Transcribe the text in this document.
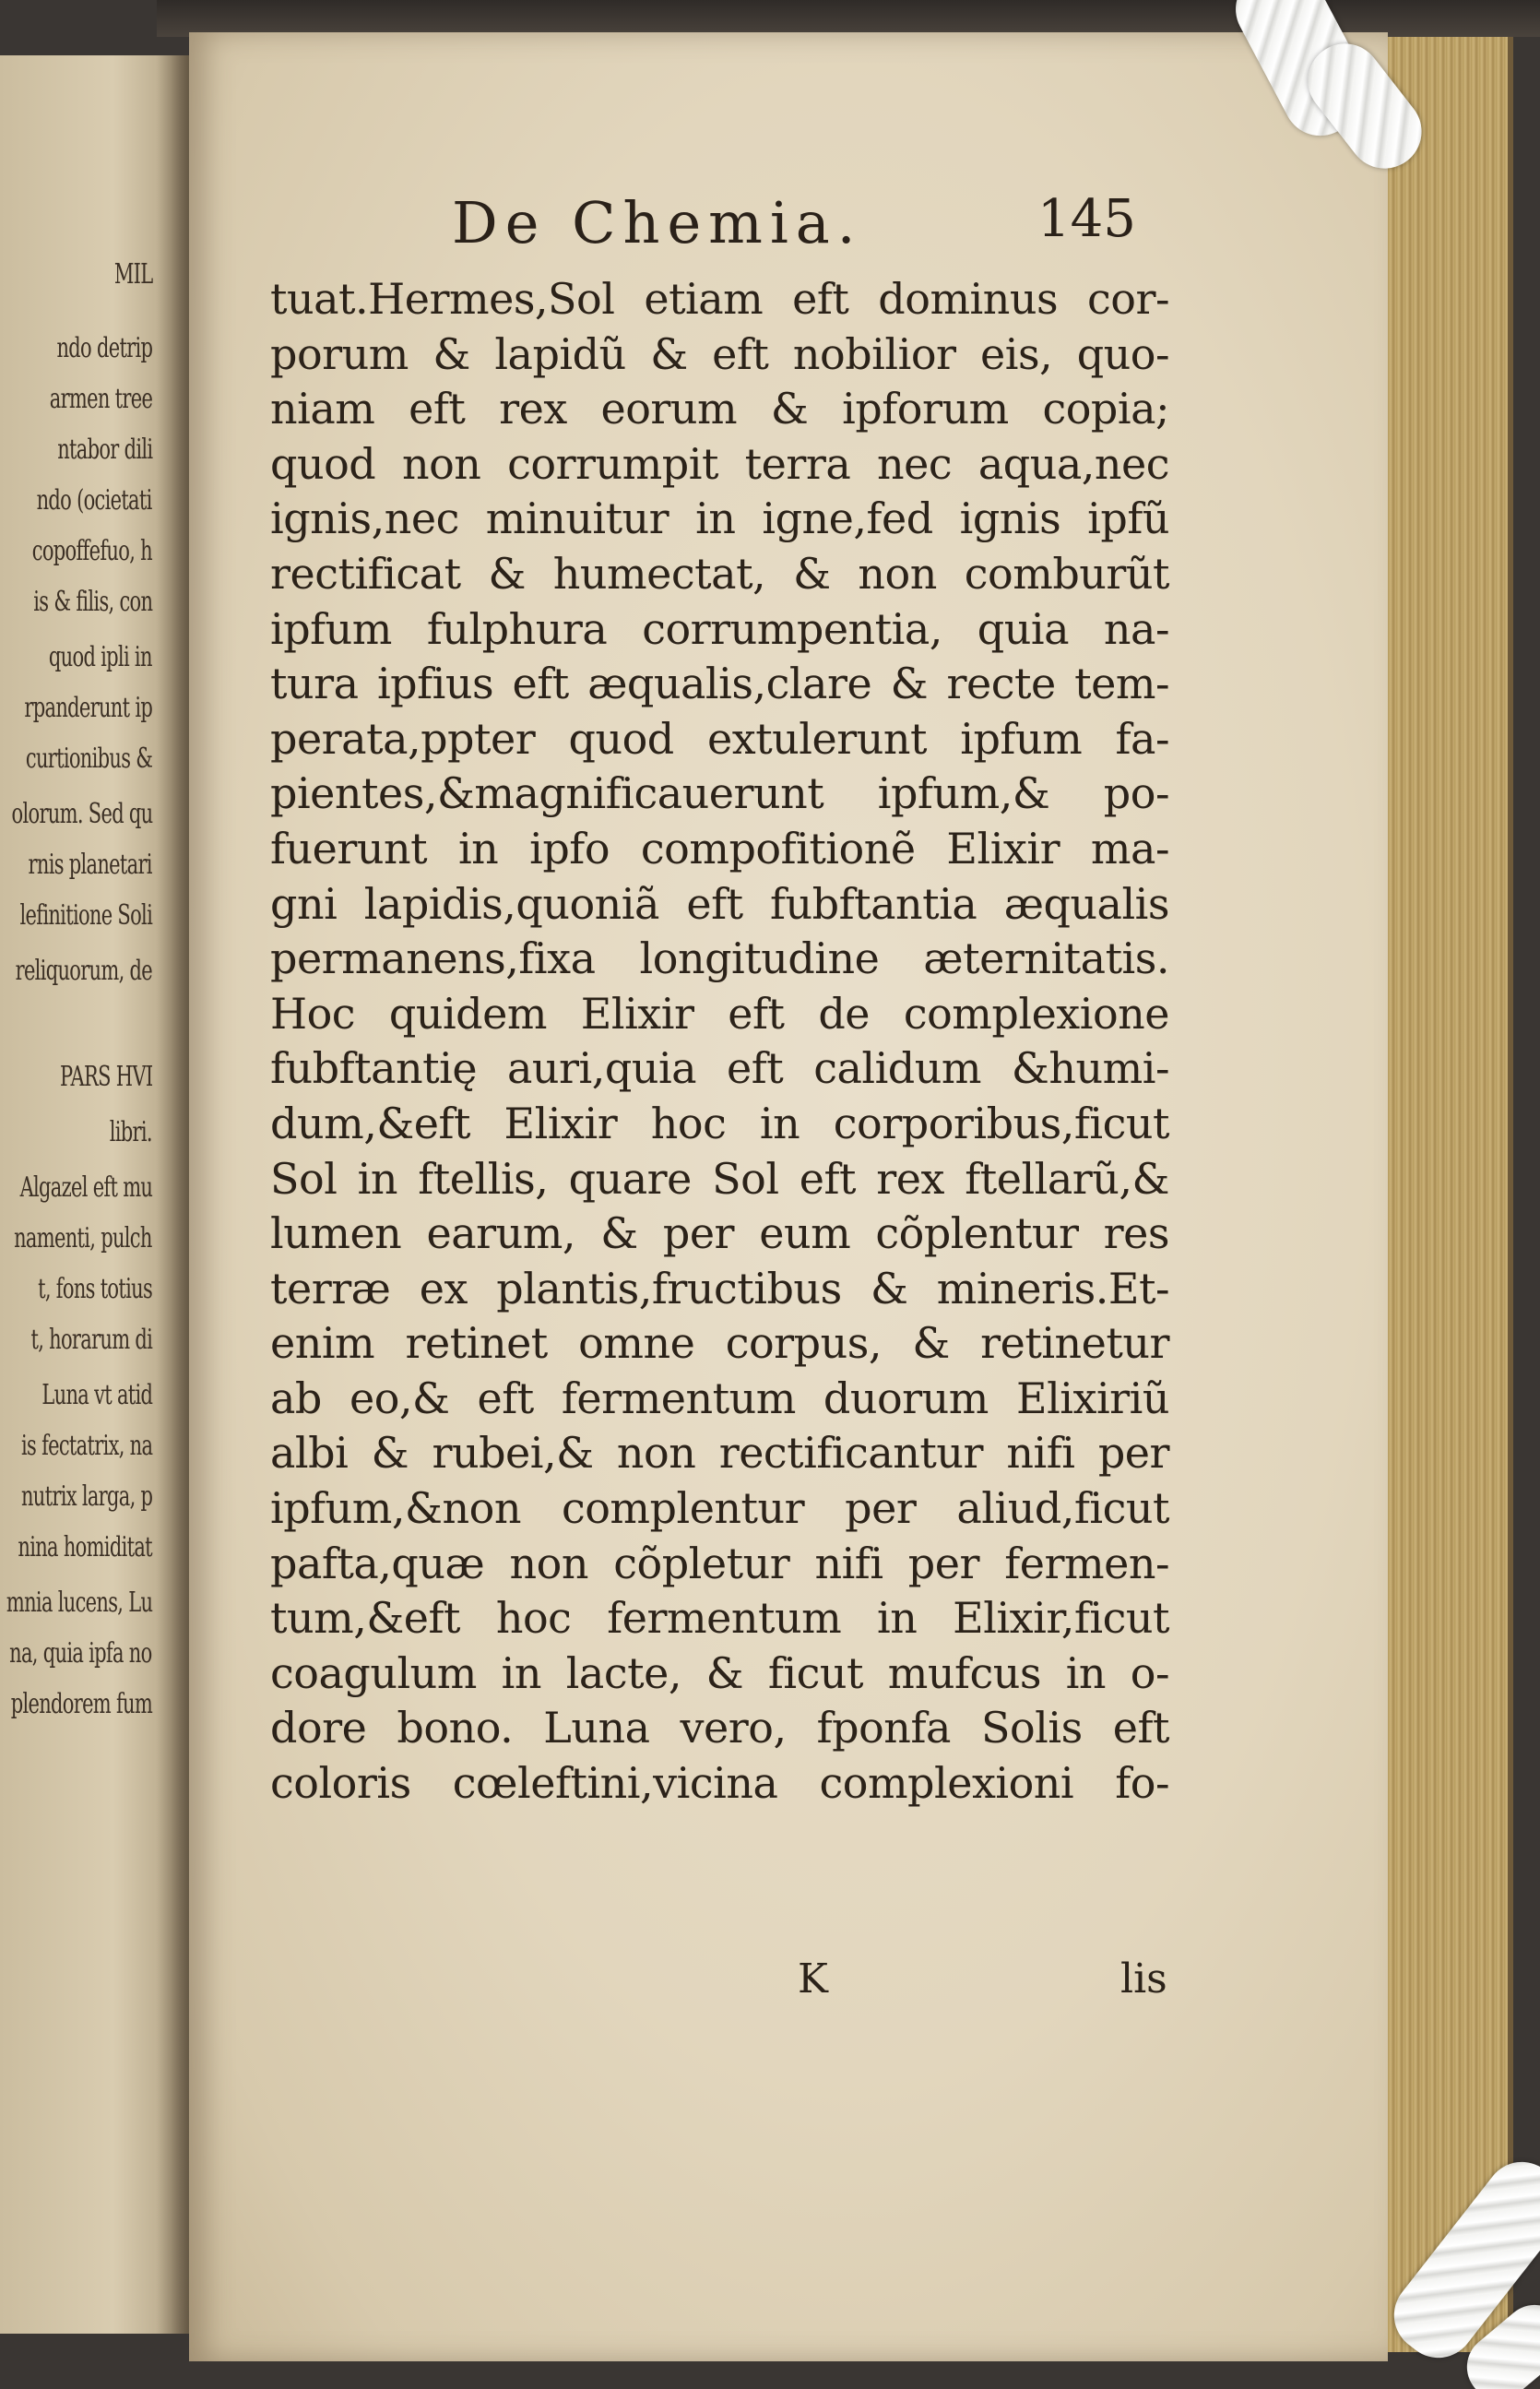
MIL
ndo detrip
armen tree
ntabor dili
ndo (ocietati
copoffefuo, h
is & filis, con
quod ipli in
rpanderunt ip
curtionibus &
olorum. Sed qu
rnis planetari
lefinitione Soli
reliquorum, de
PARS HVI
libri.
Algazel eft mu
namenti, pulch
t, fons totius
t, horarum di
Luna vt atid
is fectatrix, na
nutrix larga, p
nina homiditat
mnia lucens, Lu
na, quia ipfa no
plendorem fum
De Chemia.	145
tuat.Hermes,Sol etiam eft dominus cor-
porum & lapidũ & eft nobilior eis, quo-
niam eft rex eorum & ipforum copia;
quod non corrumpit terra nec aqua,nec
ignis,nec minuitur in igne,fed ignis ipfũ
rectificat & humectat, & non comburũt
ipfum fulphura corrumpentia, quia na-
tura ipfius eft æqualis,clare & recte tem-
perata,ppter quod extulerunt ipfum fa-
pientes,&magnificauerunt ipfum,& po-
fuerunt in ipfo compofitionẽ Elixir ma-
gni lapidis,quoniã eft fubftantia æqualis
permanens,fixa longitudine æternitatis.
Hoc quidem Elixir eft de complexione
fubftantię auri,quia eft calidum &humi-
dum,&eft Elixir hoc in corporibus,ficut
Sol in ftellis, quare Sol eft rex ftellarũ,&
lumen earum, & per eum cõplentur res
terræ ex plantis,fructibus & mineris.Et-
enim retinet omne corpus, & retinetur
ab eo,& eft fermentum duorum Elixiriũ
albi & rubei,& non rectificantur nifi per
ipfum,&non complentur per aliud,ficut
pafta,quæ non cõpletur nifi per fermen-
tum,&eft hoc fermentum in Elixir,ficut
coagulum in lacte, & ficut mufcus in o-
dore bono. Luna vero, fponfa Solis eft
coloris cœleftini,vicina complexioni fo-
K	lis
